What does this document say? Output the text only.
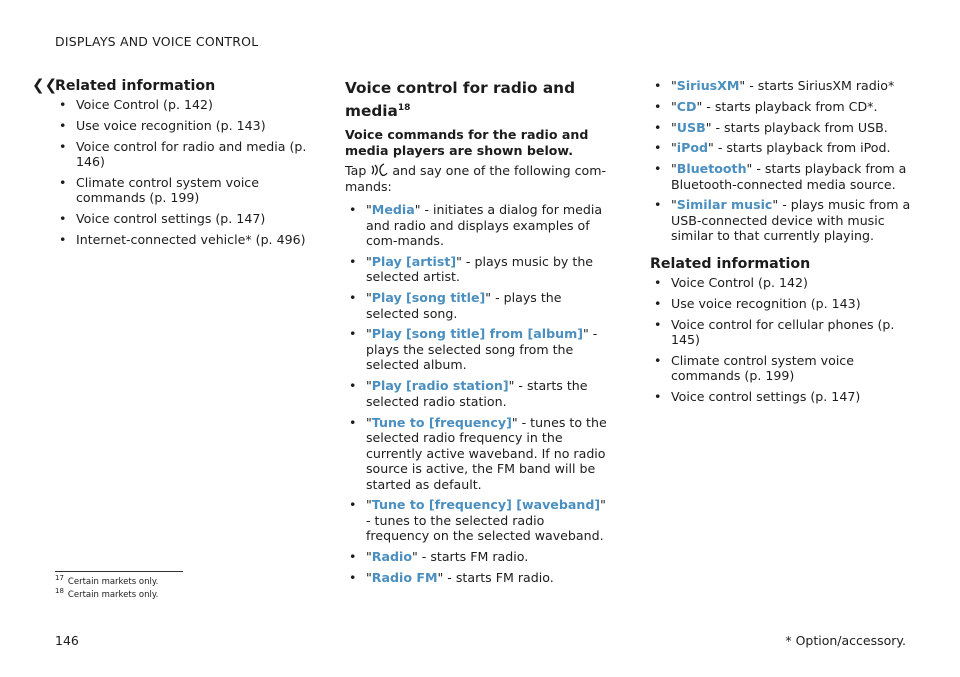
DISPLAYS AND VOICE CONTROL
❮❮
Related information
• Voice Control (p. 142)
• Use voice recognition (p. 143)
• Voice control for radio and media (p. 146)
• Climate control system voice commands (p. 199)
• Voice control settings (p. 147)
• Internet-connected vehicle* (p. 496)
Voice control for radio and media$^{18}$

Voice commands for the radio and media players are shown below.

Tap and say one of the following com-mands:

• "Media" - initiates a dialog for media and radio and displays examples of com-mands.
• "Play [artist]" - plays music by the selected artist.
• "Play [song title]" - plays the selected song.
• "Play [song title] from [album]" - plays the selected song from the selected album.
• "Play [radio station]" - starts the selected radio station.
• "Tune to [frequency]" - tunes to the selected radio frequency in the currently active waveband. If no radio source is active, the FM band will be started as default.
• "Tune to [frequency] [waveband]" - tunes to the selected radio frequency on the selected waveband.
• "Radio" - starts FM radio.
• "Radio FM" - starts FM radio.
• "SiriusXM" - starts SiriusXM radio*
• "CD" - starts playback from CD*.
• "USB" - starts playback from USB.
• "iPod" - starts playback from iPod.
• "Bluetooth" - starts playback from a Bluetooth-connected media source.
• "Similar music" - plays music from a USB-connected device with music similar to that currently playing.
Related information
• Voice Control (p. 142)
• Use voice recognition (p. 143)
• Voice control for cellular phones (p. 145)
• Climate control system voice commands (p. 199)
• Voice control settings (p. 147)
$^{17}$ Certain markets only.
$^{18}$ Certain markets only.
146	* Option/accessory.
